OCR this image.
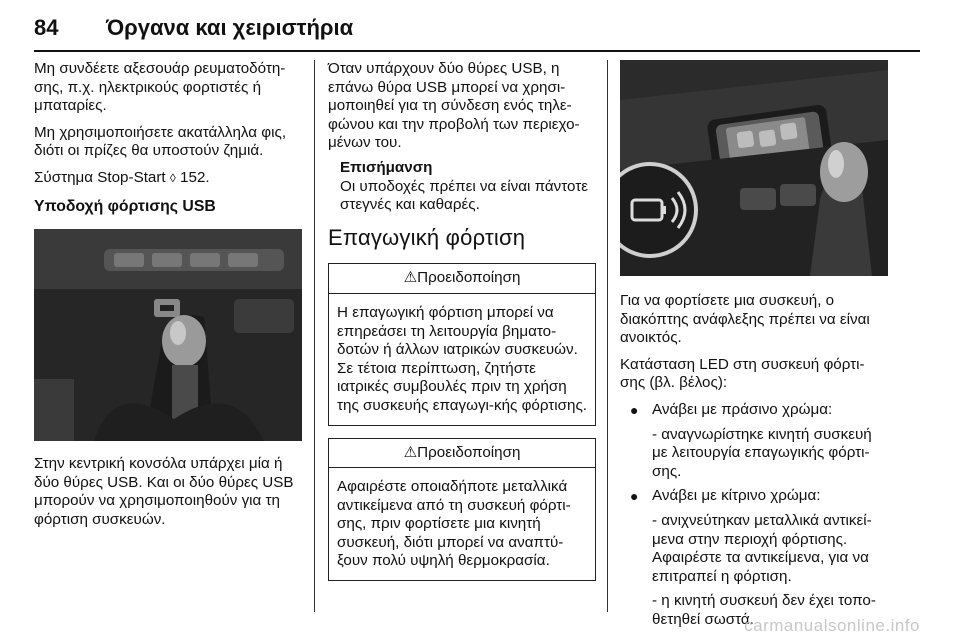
84	Όργανα και χειριστήρια

Μη συνδέετε αξεσουάρ ρευματοδότη-σης, π.χ. ηλεκτρικούς φορτιστές ή μπαταρίες.

Μη χρησιμοποιήσετε ακατάλληλα φις, διότι οι πρίζες θα υποστούν ζημιά.

Σύστημα Stop-Start ◊ 152.

Υποδοχή φόρτισης USB

Στην κεντρική κονσόλα υπάρχει μία ή δύο θύρες USB. Και οι δύο θύρες USB μπορούν να χρησιμοποιηθούν για τη φόρτιση συσκευών.

Όταν υπάρχουν δύο θύρες USB, η επάνω θύρα USB μπορεί να χρησι-μοποιηθεί για τη σύνδεση ενός τηλε-φώνου και την προβολή των περιεχο-μένων του.

Επισήμανση
Οι υποδοχές πρέπει να είναι πάντοτε στεγνές και καθαρές.
Επαγωγική φόρτιση
⚠Προειδοποίηση
Η επαγωγική φόρτιση μπορεί να επηρεάσει τη λειτουργία βηματο-δοτών ή άλλων ιατρικών συσκευών. Σε τέτοια περίπτωση, ζητήστε ιατρικές συμβουλές πριν τη χρήση της συσκευής επαγωγι-κής φόρτισης.
⚠Προειδοποίηση
Αφαιρέστε οποιαδήποτε μεταλλικά αντικείμενα από τη συσκευή φόρτι-σης, πριν φορτίσετε μια κινητή συσκευή, διότι μπορεί να αναπτύ-ξουν πολύ υψηλή θερμοκρασία.

Για να φορτίσετε μια συσκευή, ο διακόπτης ανάφλεξης πρέπει να είναι ανοικτός.

Κατάσταση LED στη συσκευή φόρτι-σης (βλ. βέλος):

● Ανάβει με πράσινο χρώμα:
- αναγνωρίστηκε κινητή συσκευή με λειτουργία επαγωγικής φόρτι-σης.
● Ανάβει με κίτρινο χρώμα:
- ανιχνεύτηκαν μεταλλικά αντικεί-μενα στην περιοχή φόρτισης. Αφαιρέστε τα αντικείμενα, για να επιτραπεί η φόρτιση.
- η κινητή συσκευή δεν έχει τοπο-θετηθεί σωστά.
carmanualsonline.info
